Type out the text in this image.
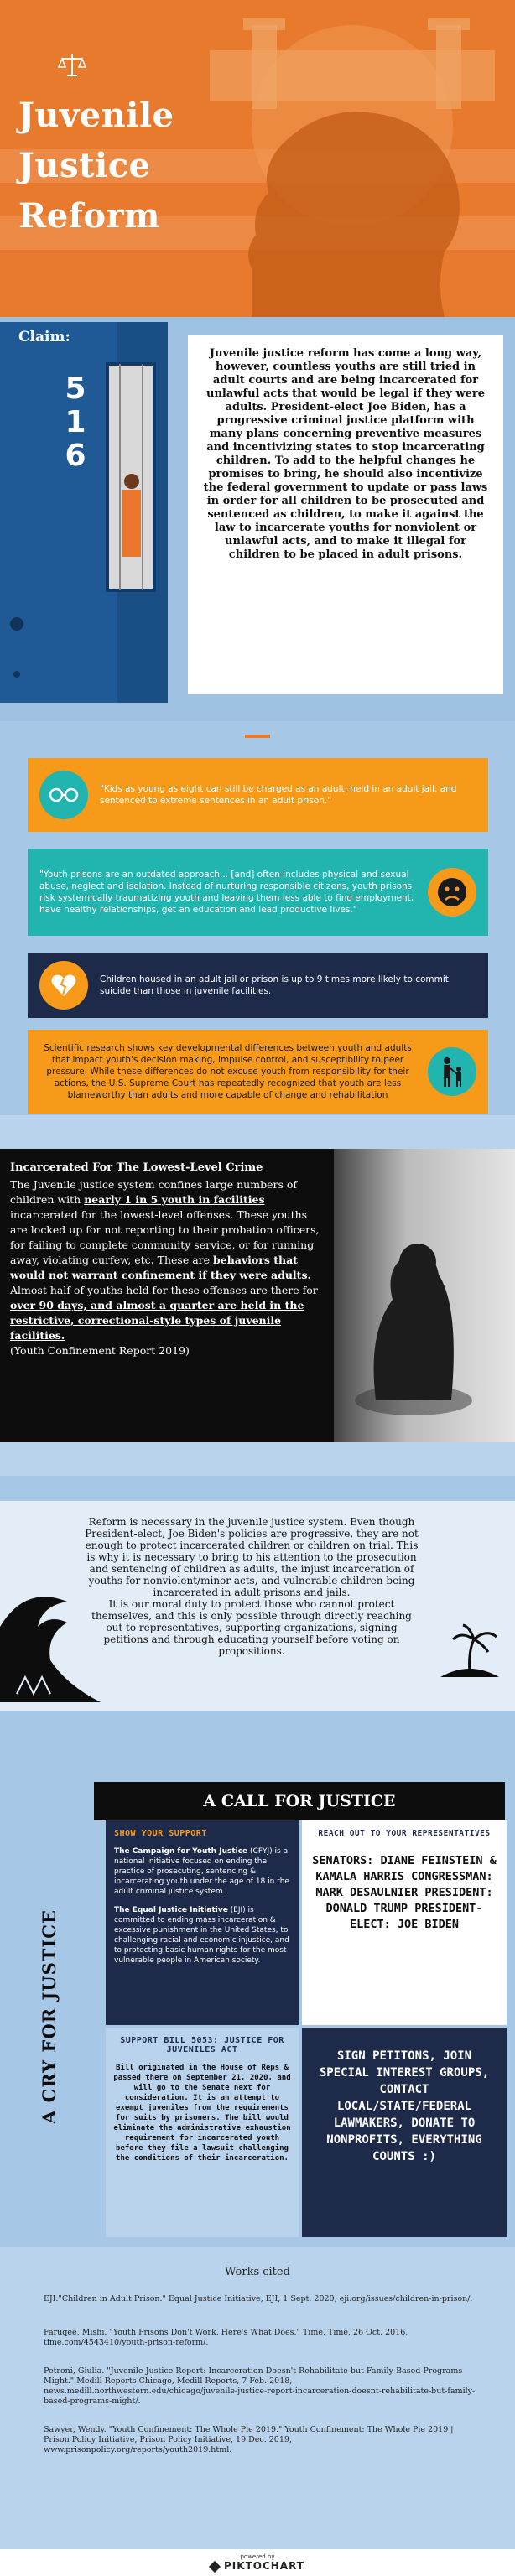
Juvenile
Justice
Reform
516
Claim:
Juvenile justice reform has come a long way, however, countless youths are still tried in adult courts and are being incarcerated for unlawful acts that would be legal if they were adults. President-elect Joe Biden, has a progressive criminal justice platform with many plans concerning preventive measures and incentivizing states to stop incarcerating children. To add to the helpful changes he promises to bring, he should also incentivize the federal government to update or pass laws in order for all children to be prosecuted and sentenced as children, to make it against the law to incarcerate youths for nonviolent or unlawful acts, and to make it illegal for children to be placed in adult prisons.
"Kids as young as eight can still be charged as an adult, held in an adult jail, and sentenced to extreme sentences in an adult prison."
"Youth prisons are an outdated approach... [and] often includes physical and sexual abuse, neglect and isolation. Instead of nurturing responsible citizens, youth prisons risk systemically traumatizing youth and leaving them less able to find employment, have healthy relationships, get an education and lead productive lives."
Children housed in an adult jail or prison is up to 9 times more likely to commit suicide than those in juvenile facilities.
Scientific research shows key developmental differences between youth and adults that impact youth's decision making, impulse control, and susceptibility to peer pressure. While these differences do not excuse youth from responsibility for their actions, the U.S. Supreme Court has repeatedly recognized that youth are less blameworthy than adults and more capable of change and rehabilitation
Incarcerated For The Lowest-Level Crime
The Juvenile justice system confines large numbers of children with nearly 1 in 5 youth in facilities incarcerated for the lowest-level offenses. These youths are locked up for not reporting to their probation officers, for failing to complete community service, or for running away, violating curfew, etc. These are behaviors that would not warrant confinement if they were adults.
Almost half of youths held for these offenses are there for over 90 days, and almost a quarter are held in the restrictive, correctional-style types of juvenile facilities.
(Youth Confinement Report 2019)
Reform is necessary in the juvenile justice system. Even though President-elect, Joe Biden's policies are progressive, they are not enough to protect incarcerated children or children on trial. This is why it is necessary to bring to his attention to the prosecution and sentencing of children as adults, the injust incarceration of youths for nonviolent/minor acts, and vulnerable children being incarcerated in adult prisons and jails.
It is our moral duty to protect those who cannot protect themselves, and this is only possible through directly reaching out to representatives, supporting organizations, signing petitions and through educating yourself before voting on propositions.
A CALL FOR JUSTICE
A CRY FOR JUSTICE
SHOW YOUR SUPPORT
The Campaign for Youth Justice (CFYJ) is a national initiative focused on ending the practice of prosecuting, sentencing & incarcerating youth under the age of 18 in the adult criminal justice system.
The Equal Justice Initiative (EJI) is committed to ending mass incarceration & excessive punishment in the United States, to challenging racial and economic injustice, and to protecting basic human rights for the most vulnerable people in American society.
REACH OUT TO YOUR REPRESENTATIVES
SENATORS: DIANE FEINSTEIN & KAMALA HARRIS CONGRESSMAN: MARK DESAULNIER PRESIDENT: DONALD TRUMP PRESIDENT-ELECT: JOE BIDEN
SUPPORT BILL 5053: JUSTICE FOR JUVENILES ACT
Bill originated in the House of Reps & passed there on September 21, 2020, and will go to the Senate next for consideration. It is an attempt to exempt juveniles from the requirements for suits by prisoners. The bill would eliminate the administrative exhaustion requirement for incarcerated youth before they file a lawsuit challenging the conditions of their incarceration.
SIGN PETITONS, JOIN SPECIAL INTEREST GROUPS, CONTACT LOCAL/STATE/FEDERAL LAWMAKERS, DONATE TO NONPROFITS, EVERYTHING COUNTS :)
Works cited
EJI."Children in Adult Prison." Equal Justice Initiative, EJI, 1 Sept. 2020, eji.org/issues/children-in-prison/.
Faruqee, Mishi. "Youth Prisons Don't Work. Here's What Does." Time, Time, 26 Oct. 2016, time.com/4543410/youth-prison-reform/.
Petroni, Giulia. "Juvenile-Justice Report: Incarceration Doesn't Rehabilitate but Family-Based Programs Might." Medill Reports Chicago, Medill Reports, 7 Feb. 2018, news.medill.northwestern.edu/chicago/juvenile-justice-report-incarceration-doesnt-rehabilitate-but-family-based-programs-might/.
Sawyer, Wendy. "Youth Confinement: The Whole Pie 2019." Youth Confinement: The Whole Pie 2019 | Prison Policy Initiative, Prison Policy Initiative, 19 Dec. 2019, www.prisonpolicy.org/reports/youth2019.html.
powered by
PIKTOCHART
